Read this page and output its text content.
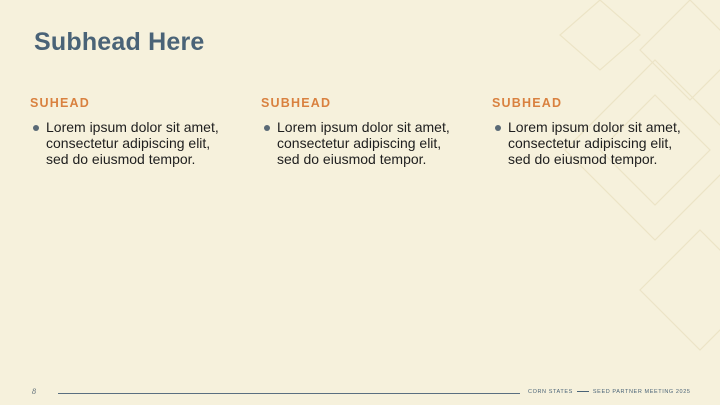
Subhead Here
SUHEAD
Lorem ipsum dolor sit amet, consectetur adipiscing elit, sed do eiusmod tempor.
SUBHEAD
Lorem ipsum dolor sit amet, consectetur adipiscing elit, sed do eiusmod tempor.
SUBHEAD
Lorem ipsum dolor sit amet, consectetur adipiscing elit, sed do eiusmod tempor.
8	CORN STATES	SEED PARTNER MEETING 2025
